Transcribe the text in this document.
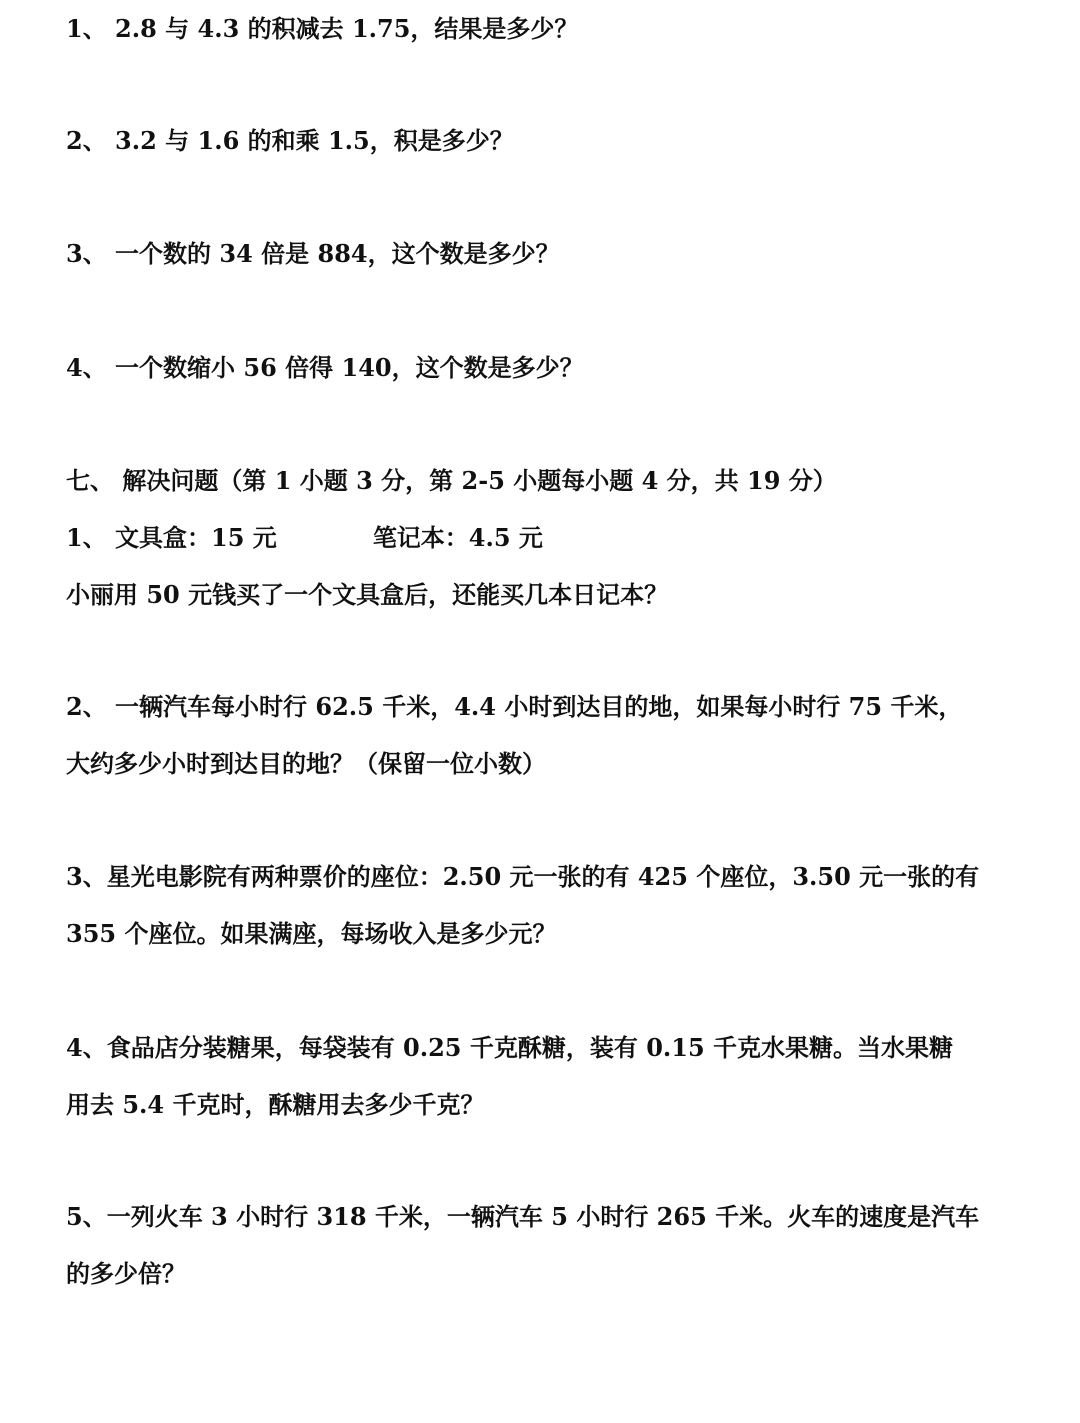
1、 2.8 与 4.3 的积减去 1.75，结果是多少？
2、 3.2 与 1.6 的和乘 1.5，积是多少？
3、 一个数的 34 倍是 884，这个数是多少？
4、 一个数缩小 56 倍得 140，这个数是多少？
七、 解决问题（第 1 小题 3 分，第 2-5 小题每小题 4 分，共 19 分）
1、 文具盒：15 元	笔记本：4.5 元
小丽用 50 元钱买了一个文具盒后，还能买几本日记本？
2、 一辆汽车每小时行 62.5 千米，4.4 小时到达目的地，如果每小时行 75 千米，
大约多少小时到达目的地？（保留一位小数）
3、星光电影院有两种票价的座位：2.50 元一张的有 425 个座位，3.50 元一张的有
355 个座位。如果满座，每场收入是多少元？
4、食品店分装糖果，每袋装有 0.25 千克酥糖，装有 0.15 千克水果糖。当水果糖
用去 5.4 千克时，酥糖用去多少千克？
5、一列火车 3 小时行 318 千米，一辆汽车 5 小时行 265 千米。火车的速度是汽车
的多少倍？
